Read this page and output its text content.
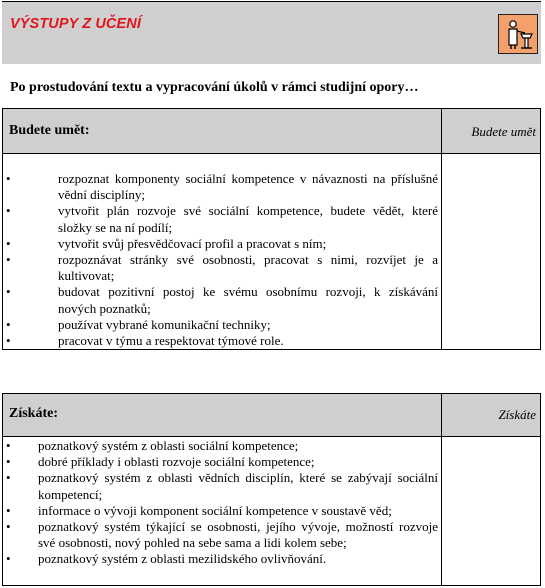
VÝSTUPY Z UČENÍ
Po prostudování textu a vypracování úkolů v rámci studijní opory…
Budete umět:	Budete umět
• rozpoznat komponenty sociální kompetence v návaznosti na příslušné vědní disciplíny;
• vytvořit plán rozvoje své sociální kompetence, budete vědět, které složky se na ní podílí;
• vytvořit svůj přesvědčovací profil a pracovat s ním;
• rozpoznávat stránky své osobnosti, pracovat s nimi, rozvíjet je a kultivovat;
• budovat pozitivní postoj ke svému osobnímu rozvoji, k získávání nových poznatků;
• používat vybrané komunikační techniky;
• pracovat v týmu a respektovat týmové role.
Získáte:	Získáte
• poznatkový systém z oblasti sociální kompetence;
• dobré příklady i oblasti rozvoje sociální kompetence;
• poznatkový systém z oblasti vědních disciplín, které se zabývají sociální kompetencí;
• informace o vývoji komponent sociální kompetence v soustavě věd;
• poznatkový systém týkající se osobnosti, jejího vývoje, možností rozvoje své osobnosti, nový pohled na sebe sama a lidi kolem sebe;
• poznatkový systém z oblasti mezilidského ovlivňování.
